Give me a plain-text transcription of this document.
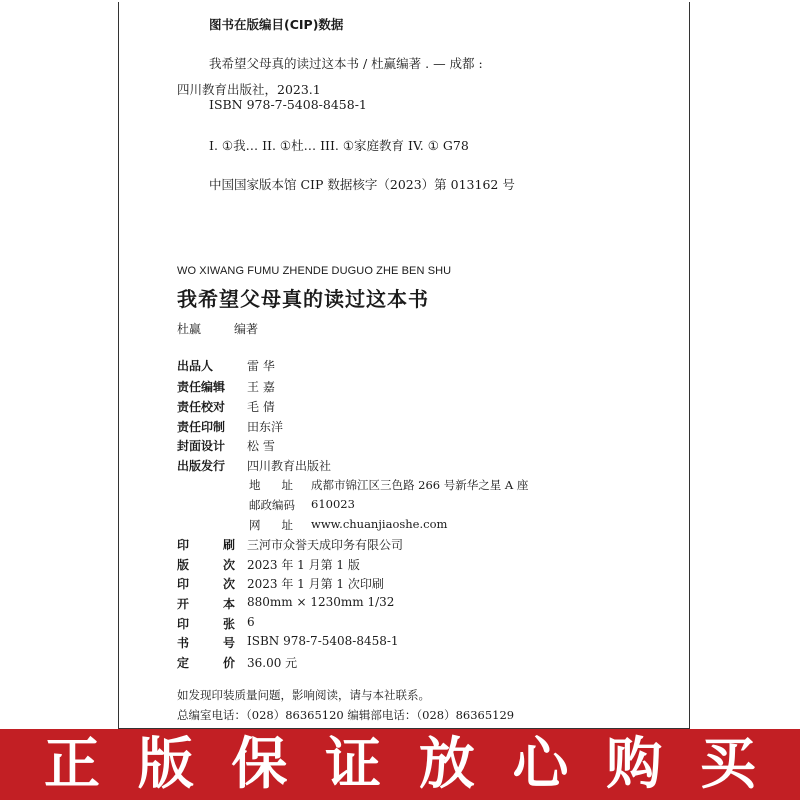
图书在版编目(CIP)数据
我希望父母真的读过这本书 / 杜赢编著 . — 成都 :
四川教育出版社，2023.1
ISBN 978-7-5408-8458-1
I. ①我… II. ①杜… III. ①家庭教育 IV. ① G78
中国国家版本馆 CIP 数据核字（2023）第 013162 号
WO XIWANG FUMU ZHENDE DUGUO ZHE BEN SHU
我希望父母真的读过这本书
杜赢	编著
出品人	雷 华
责任编辑 王 嘉
责任校对 毛 倩
责任印制 田东洋
封面设计 松 雪
出版发行 四川教育出版社
地 址 成都市锦江区三色路 266 号新华之星 A 座
邮政编码 610023
网 址 www.chuanjiaoshe.com
印	刷 三河市众誉天成印务有限公司
版	次 2023 年 1 月第 1 版
印	次 2023 年 1 月第 1 次印刷
开	本 880mm × 1230mm 1/32
印	张 6
书	号 ISBN 978-7-5408-8458-1
定	价 36.00 元
如发现印装质量问题，影响阅读，请与本社联系。
总编室电话：（028）86365120 编辑部电话：（028）86365129
正 版 保 证 放 心 购 买
